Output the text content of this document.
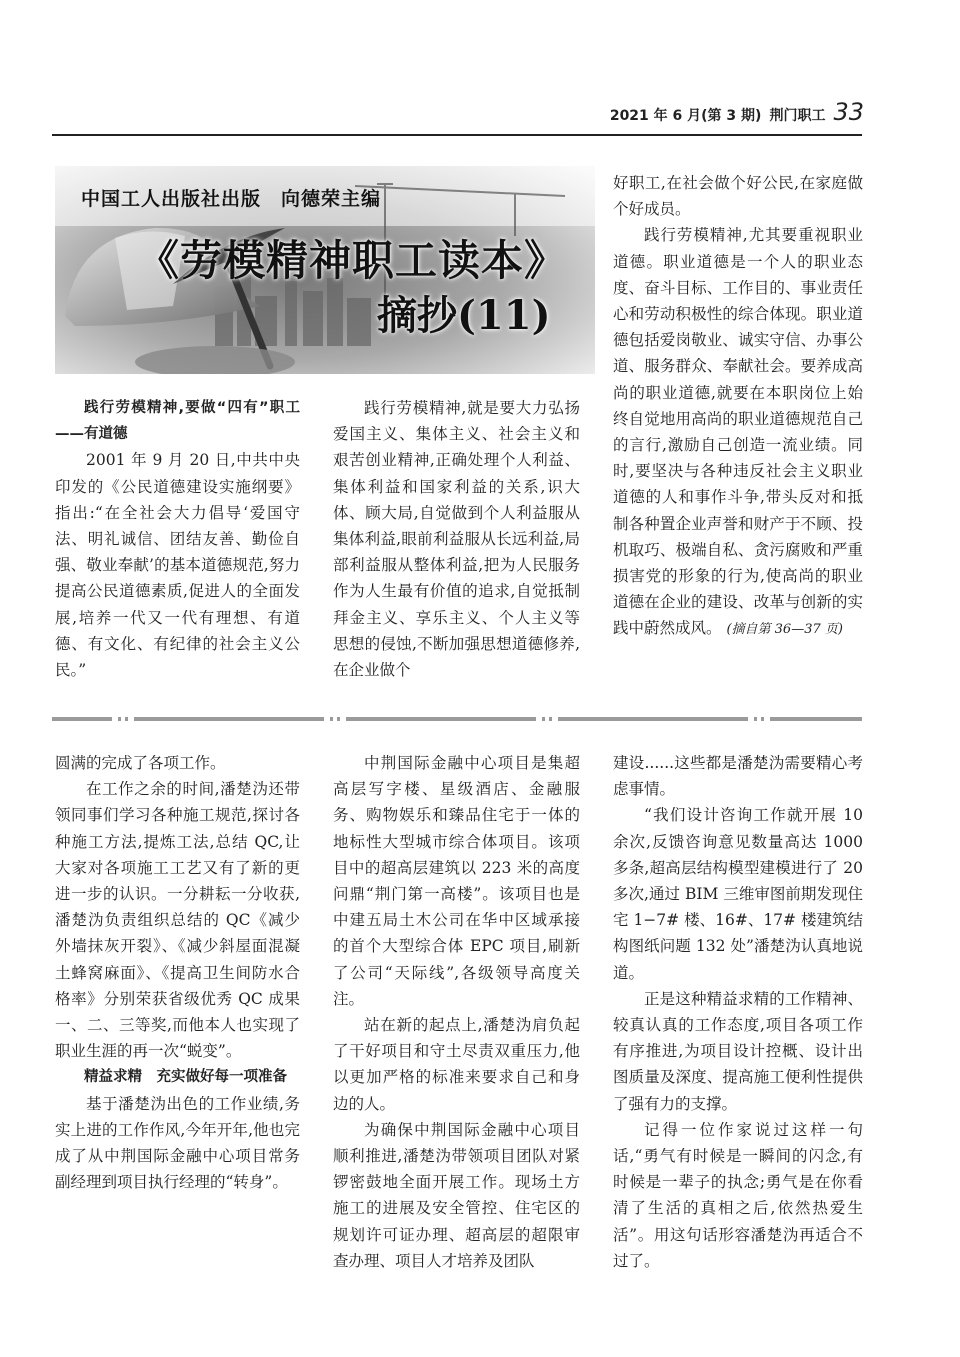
2021 年 6 月(第 3 期) 荆门职工 33
中国工人出版社出版　向德荣主编
《劳模精神职工读本》
摘抄(11)

践行劳模精神,要做“四有”职工——有道德

2001 年 9 月 20 日,中共中央印发的《公民道德建设实施纲要》指出:“在全社会大力倡导‘爱国守法、明礼诚信、团结友善、勤俭自强、敬业奉献’的基本道德规范,努力提高公民道德素质,促进人的全面发展,培养一代又一代有理想、有道德、有文化、有纪律的社会主义公民。”

践行劳模精神,就是要大力弘扬爱国主义、集体主义、社会主义和艰苦创业精神,正确处理个人利益、集体利益和国家利益的关系,识大体、顾大局,自觉做到个人利益服从集体利益,眼前利益服从长远利益,局部利益服从整体利益,把为人民服务作为人生最有价值的追求,自觉抵制拜金主义、享乐主义、个人主义等思想的侵蚀,不断加强思想道德修养,在企业做个

好职工,在社会做个好公民,在家庭做个好成员。

践行劳模精神,尤其要重视职业道德。职业道德是一个人的职业态度、奋斗目标、工作目的、事业责任心和劳动积极性的综合体现。职业道德包括爱岗敬业、诚实守信、办事公道、服务群众、奉献社会。要养成高尚的职业道德,就要在本职岗位上始终自觉地用高尚的职业道德规范自己的言行,激励自己创造一流业绩。同时,要坚决与各种违反社会主义职业道德的人和事作斗争,带头反对和抵制各种置企业声誉和财产于不顾、投机取巧、极端自私、贪污腐败和严重损害党的形象的行为,使高尚的职业道德在企业的建设、改革与创新的实践中蔚然成风。 (摘自第 36—37 页)

圆满的完成了各项工作。

在工作之余的时间,潘楚沩还带领同事们学习各种施工规范,探讨各种施工方法,提炼工法,总结 QC,让大家对各项施工工艺又有了新的更进一步的认识。一分耕耘一分收获,潘楚沩负责组织总结的 QC《减少外墙抹灰开裂》、《减少斜屋面混凝土蜂窝麻面》、《提高卫生间防水合格率》分别荣获省级优秀 QC 成果一、二、三等奖,而他本人也实现了职业生涯的再一次“蜕变”。

精益求精　充实做好每一项准备

基于潘楚沩出色的工作业绩,务实上进的工作作风,今年开年,他也完成了从中荆国际金融中心项目常务副经理到项目执行经理的“转身”。

中荆国际金融中心项目是集超高层写字楼、星级酒店、金融服务、购物娱乐和臻品住宅于一体的地标性大型城市综合体项目。该项目中的超高层建筑以 223 米的高度问鼎“荆门第一高楼”。该项目也是中建五局土木公司在华中区域承接的首个大型综合体 EPC 项目,刷新了公司“天际线”,各级领导高度关注。

站在新的起点上,潘楚沩肩负起了干好项目和守土尽责双重压力,他以更加严格的标准来要求自己和身边的人。

为确保中荆国际金融中心项目顺利推进,潘楚沩带领项目团队对紧锣密鼓地全面开展工作。现场土方施工的进展及安全管控、住宅区的规划许可证办理、超高层的超限审查办理、项目人才培养及团队

建设......这些都是潘楚沩需要精心考虑事情。

“我们设计咨询工作就开展 10 余次,反馈咨询意见数量高达 1000 多条,超高层结构模型建模进行了 20 多次,通过 BIM 三维审图前期发现住宅 1−7# 楼、16#、17# 楼建筑结构图纸问题 132 处”潘楚沩认真地说道。

正是这种精益求精的工作精神、较真认真的工作态度,项目各项工作有序推进,为项目设计控概、设计出图质量及深度、提高施工便利性提供了强有力的支撑。

记得一位作家说过这样一句话,“勇气有时候是一瞬间的闪念,有时候是一辈子的执念;勇气是在你看清了生活的真相之后,依然热爱生活”。用这句话形容潘楚沩再适合不过了。
